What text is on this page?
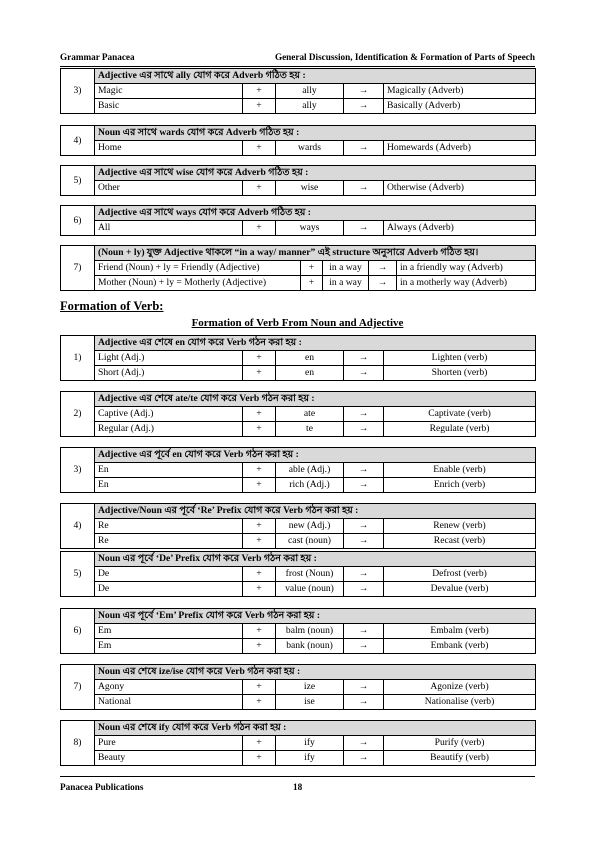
Grammar Panacea	General Discussion, Identification & Formation of Parts of Speech
3)	Adjective এর সাথে ally যোগ করে Adverb গঠিত হয় :				
	Magic	+	ally	→	Magically (Adverb)
	Basic	+	ally	→	Basically (Adverb)
4)	Noun এর সাথে wards যোগ করে Adverb গঠিত হয় :				
	Home	+	wards	→	Homewards (Adverb)
5)	Adjective এর সাথে wise যোগ করে Adverb গঠিত হয় :				
	Other	+	wise	→	Otherwise (Adverb)
6)	Adjective এর সাথে ways যোগ করে Adverb গঠিত হয় :				
	All	+	ways	→	Always (Adverb)
7)	(Noun + ly) যুক্ত Adjective থাকলে “in a way/ manner” এই structure অনুসারে Adverb গঠিত হয়।				
	Friend (Noun) + ly = Friendly (Adjective)	+	in a way	→	in a friendly way (Adverb)
	Mother (Noun) + ly = Motherly (Adjective)	+	in a way	→	in a motherly way (Adverb)
Formation of Verb:
Formation of Verb From Noun and Adjective
1)	Adjective এর শেষে en যোগ করে Verb গঠন করা হয় :				
	Light (Adj.)	+	en	→	Lighten (verb)
	Short (Adj.)	+	en	→	Shorten (verb)
2)	Adjective এর শেষে ate/te যোগ করে Verb গঠন করা হয় :				
	Captive (Adj.)	+	ate	→	Captivate (verb)
	Regular (Adj.)	+	te	→	Regulate (verb)
3)	Adjective এর পূর্বে en যোগ করে Verb গঠন করা হয় :				
	En	+	able (Adj.)	→	Enable (verb)
	En	+	rich (Adj.)	→	Enrich (verb)
4)	Adjective/Noun এর পূর্বে ‘Re’ Prefix যোগ করে Verb গঠন করা হয় :				
	Re	+	new (Adj.)	→	Renew (verb)
	Re	+	cast (noun)	→	Recast (verb)
5)	Noun এর পূর্বে ‘De’ Prefix যোগ করে Verb গঠন করা হয় :				
	De	+	frost (Noun)	→	Defrost (verb)
	De	+	value (noun)	→	Devalue (verb)
6)	Noun এর পূর্বে ‘Em’ Prefix যোগ করে Verb গঠন করা হয় :				
	Em	+	balm (noun)	→	Embalm (verb)
	Em	+	bank (noun)	→	Embank (verb)
7)	Noun এর শেষে ize/ise যোগ করে Verb গঠন করা হয় :				
	Agony	+	ize	→	Agonize (verb)
	National	+	ise	→	Nationalise (verb)
8)	Noun এর শেষে ify যোগ করে Verb গঠন করা হয় :				
	Pure	+	ify	→	Purify (verb)
	Beauty	+	ify	→	Beautify (verb)
Panacea Publications	18
